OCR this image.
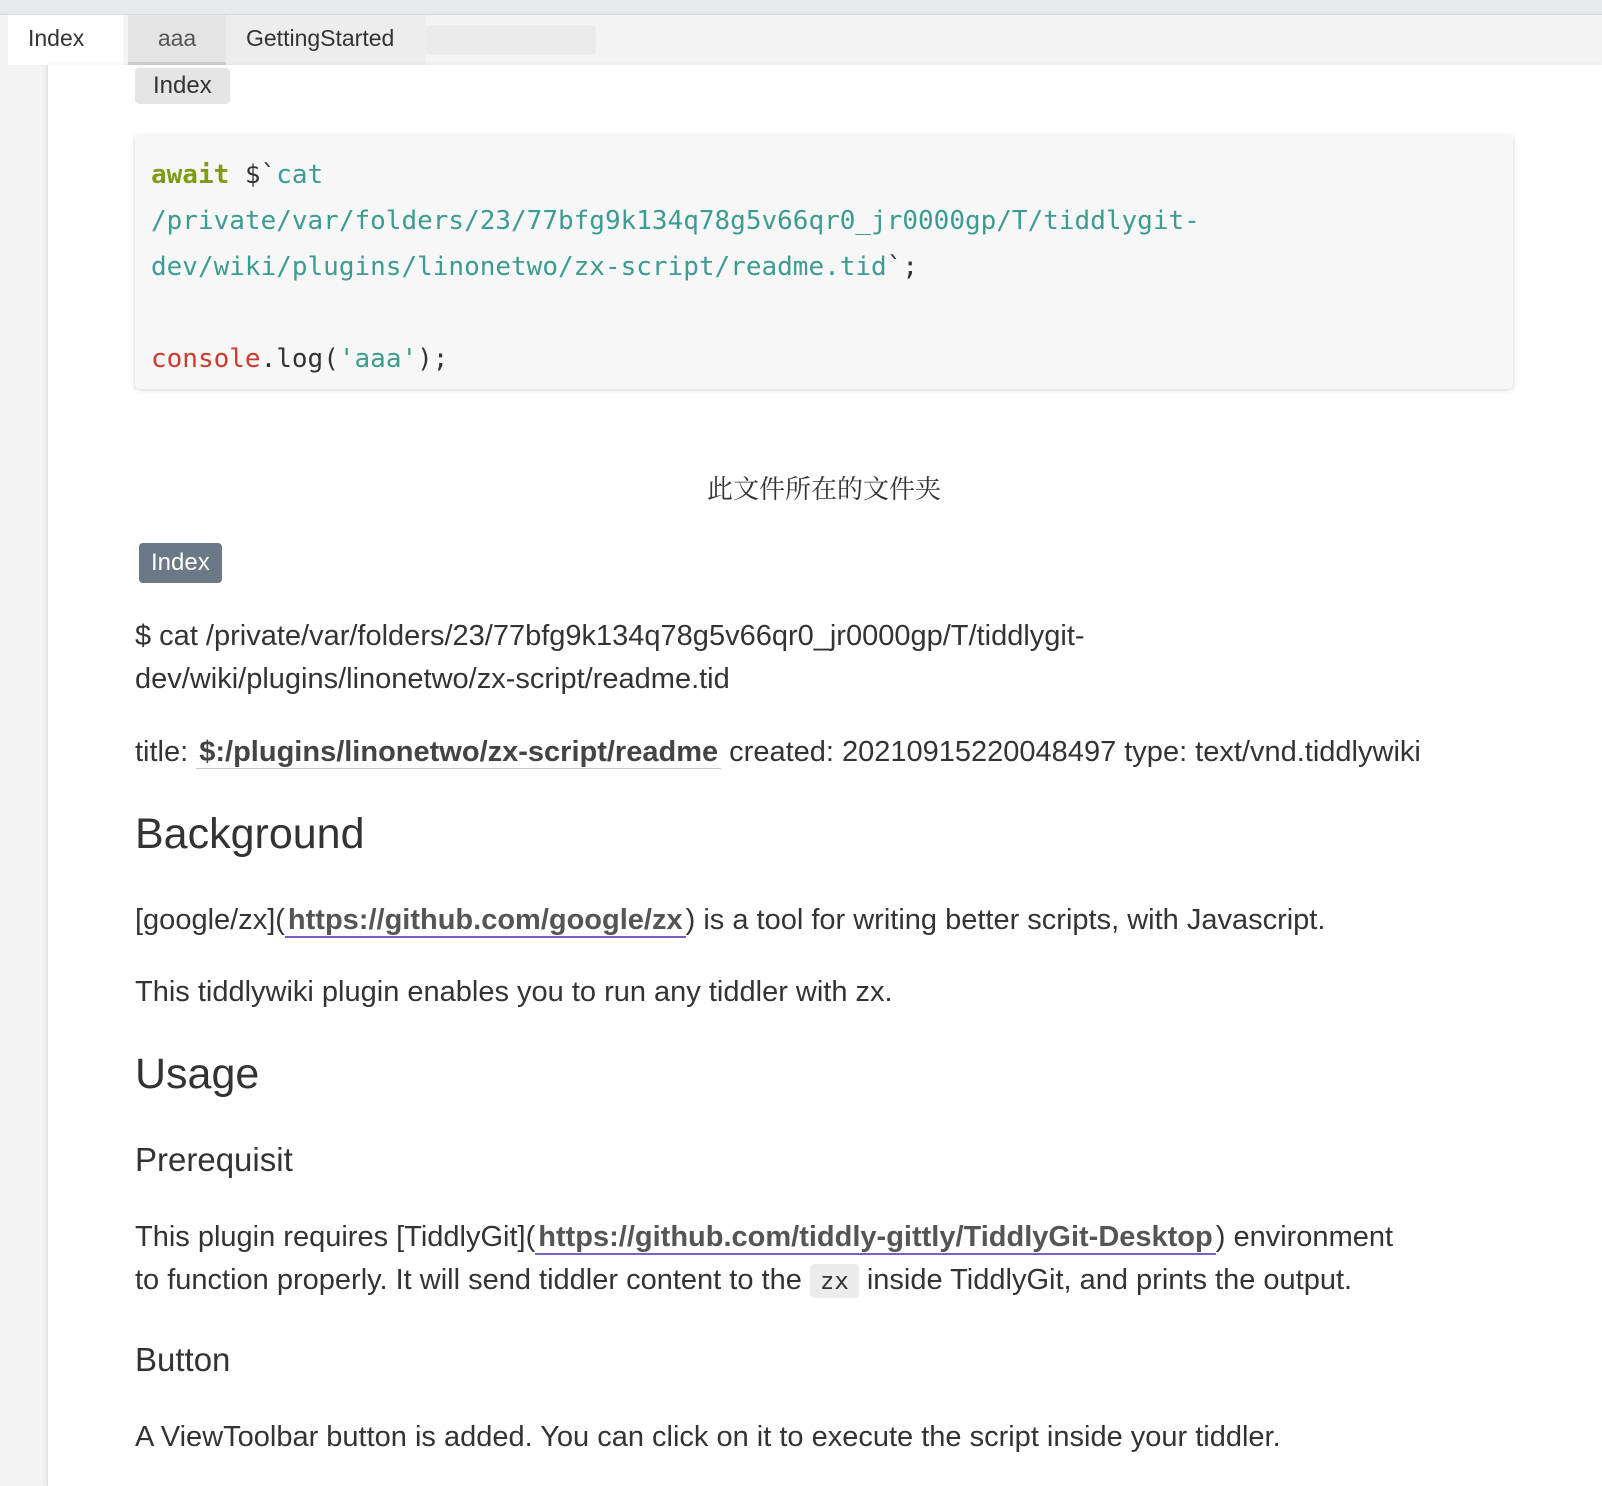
Index	aaa	GettingStarted
Index
await $`cat
/private/var/folders/23/77bfg9k134q78g5v66qr0_jr0000gp/T/tiddlygit-
dev/wiki/plugins/linonetwo/zx-script/readme.tid`;

console.log('aaa');
此文件所在的文件夹
Index
$ cat /private/var/folders/23/77bfg9k134q78g5v66qr0_jr0000gp/T/tiddlygit-
dev/wiki/plugins/linonetwo/zx-script/readme.tid
title: $:/plugins/linonetwo/zx-script/readme created: 20210915220048497 type: text/vnd.tiddlywiki
Background
[google/zx]( https://github.com/google/zx ) is a tool for writing better scripts, with Javascript.
This tiddlywiki plugin enables you to run any tiddler with zx.
Usage
Prerequisit
This plugin requires [TiddlyGit]( https://github.com/tiddly-gittly/TiddlyGit-Desktop ) environment
to function properly. It will send tiddler content to the zx inside TiddlyGit, and prints the output.
Button
A ViewToolbar button is added. You can click on it to execute the script inside your tiddler.
